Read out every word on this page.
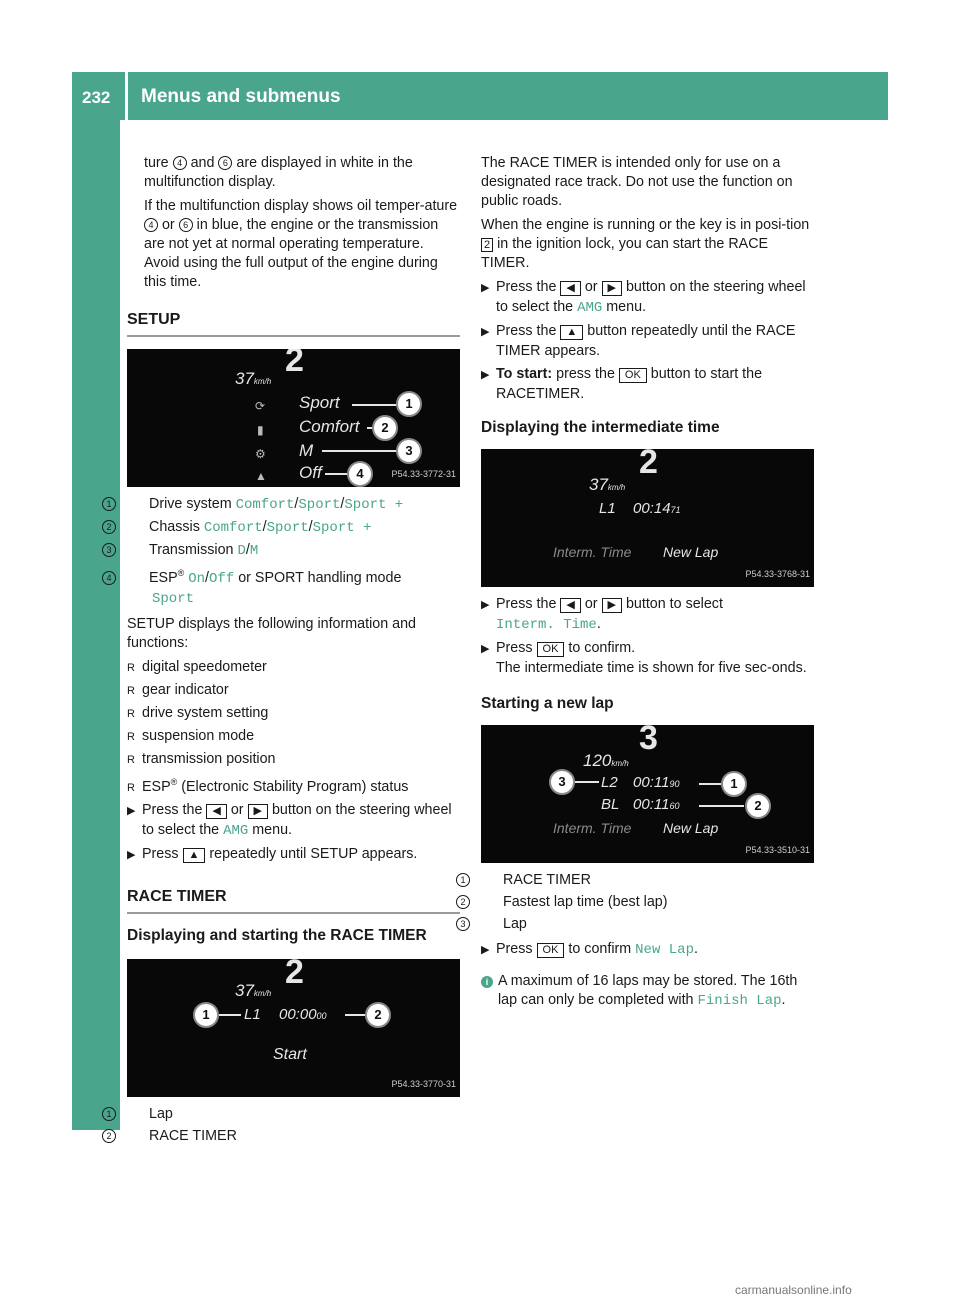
232 Menus and submenus
On-board computer and displays

ture 4 and 6 are displayed in white in the multifunction display.

If the multifunction display shows oil temper-ature 4 or 6 in blue, the engine or the transmission are not yet at normal operating temperature. Avoid using the full output of the engine during this time.

SETUP
37km/h
2
⟳
▮
⚙
▲
Sport
Comfort
M
Off
1
2
3
4	P54.33-3772-31
1	Drive system Comfort/Sport/Sport +
2	Chassis Comfort/Sport/Sport +
3	Transmission D/M
4	ESP® On/Off or SPORT handling mode
Sport

SETUP displays the following information and functions:

R digital speedometer
R gear indicator
R drive system setting
R suspension mode
R transmission position
R ESP® (Electronic Stability Program) status
▶ Press the ◀ or ▶ button on the steering wheel to select the AMG menu.
▶ Press ▲ repeatedly until SETUP appears.
RACE TIMER
Displaying and starting the RACE TIMER
37km/h
2
1	L1 00:0000	2
Start
P54.33-3770-31
1	Lap
2	RACE TIMER

The RACE TIMER is intended only for use on a designated race track. Do not use the function on public roads.

When the engine is running or the key is in posi-tion 2 in the ignition lock, you can start the RACE TIMER.

▶ Press the ◀ or ▶ button on the steering wheel to select the AMG menu.
▶ Press the ▲ button repeatedly until the RACE TIMER appears.
▶ To start: press the OK button to start the RACETIMER.
Displaying the intermediate time
37km/h
2
L1 00:1471
Interm. Time New Lap
P54.33-3768-31
▶ Press the ◀ or ▶ button to select
Interm. Time.
▶ Press OK to confirm.
The intermediate time is shown for five sec-onds.
Starting a new lap
120km/h
3
3	L2 00:1190	1
BL 00:1160	2
Interm. Time New Lap
P54.33-3510-31
1	RACE TIMER
2	Fastest lap time (best lap)
3	Lap
▶ Press OK to confirm New Lap.
i A maximum of 16 laps may be stored. The 16th lap can only be completed with Finish Lap.
carmanualsonline.info
